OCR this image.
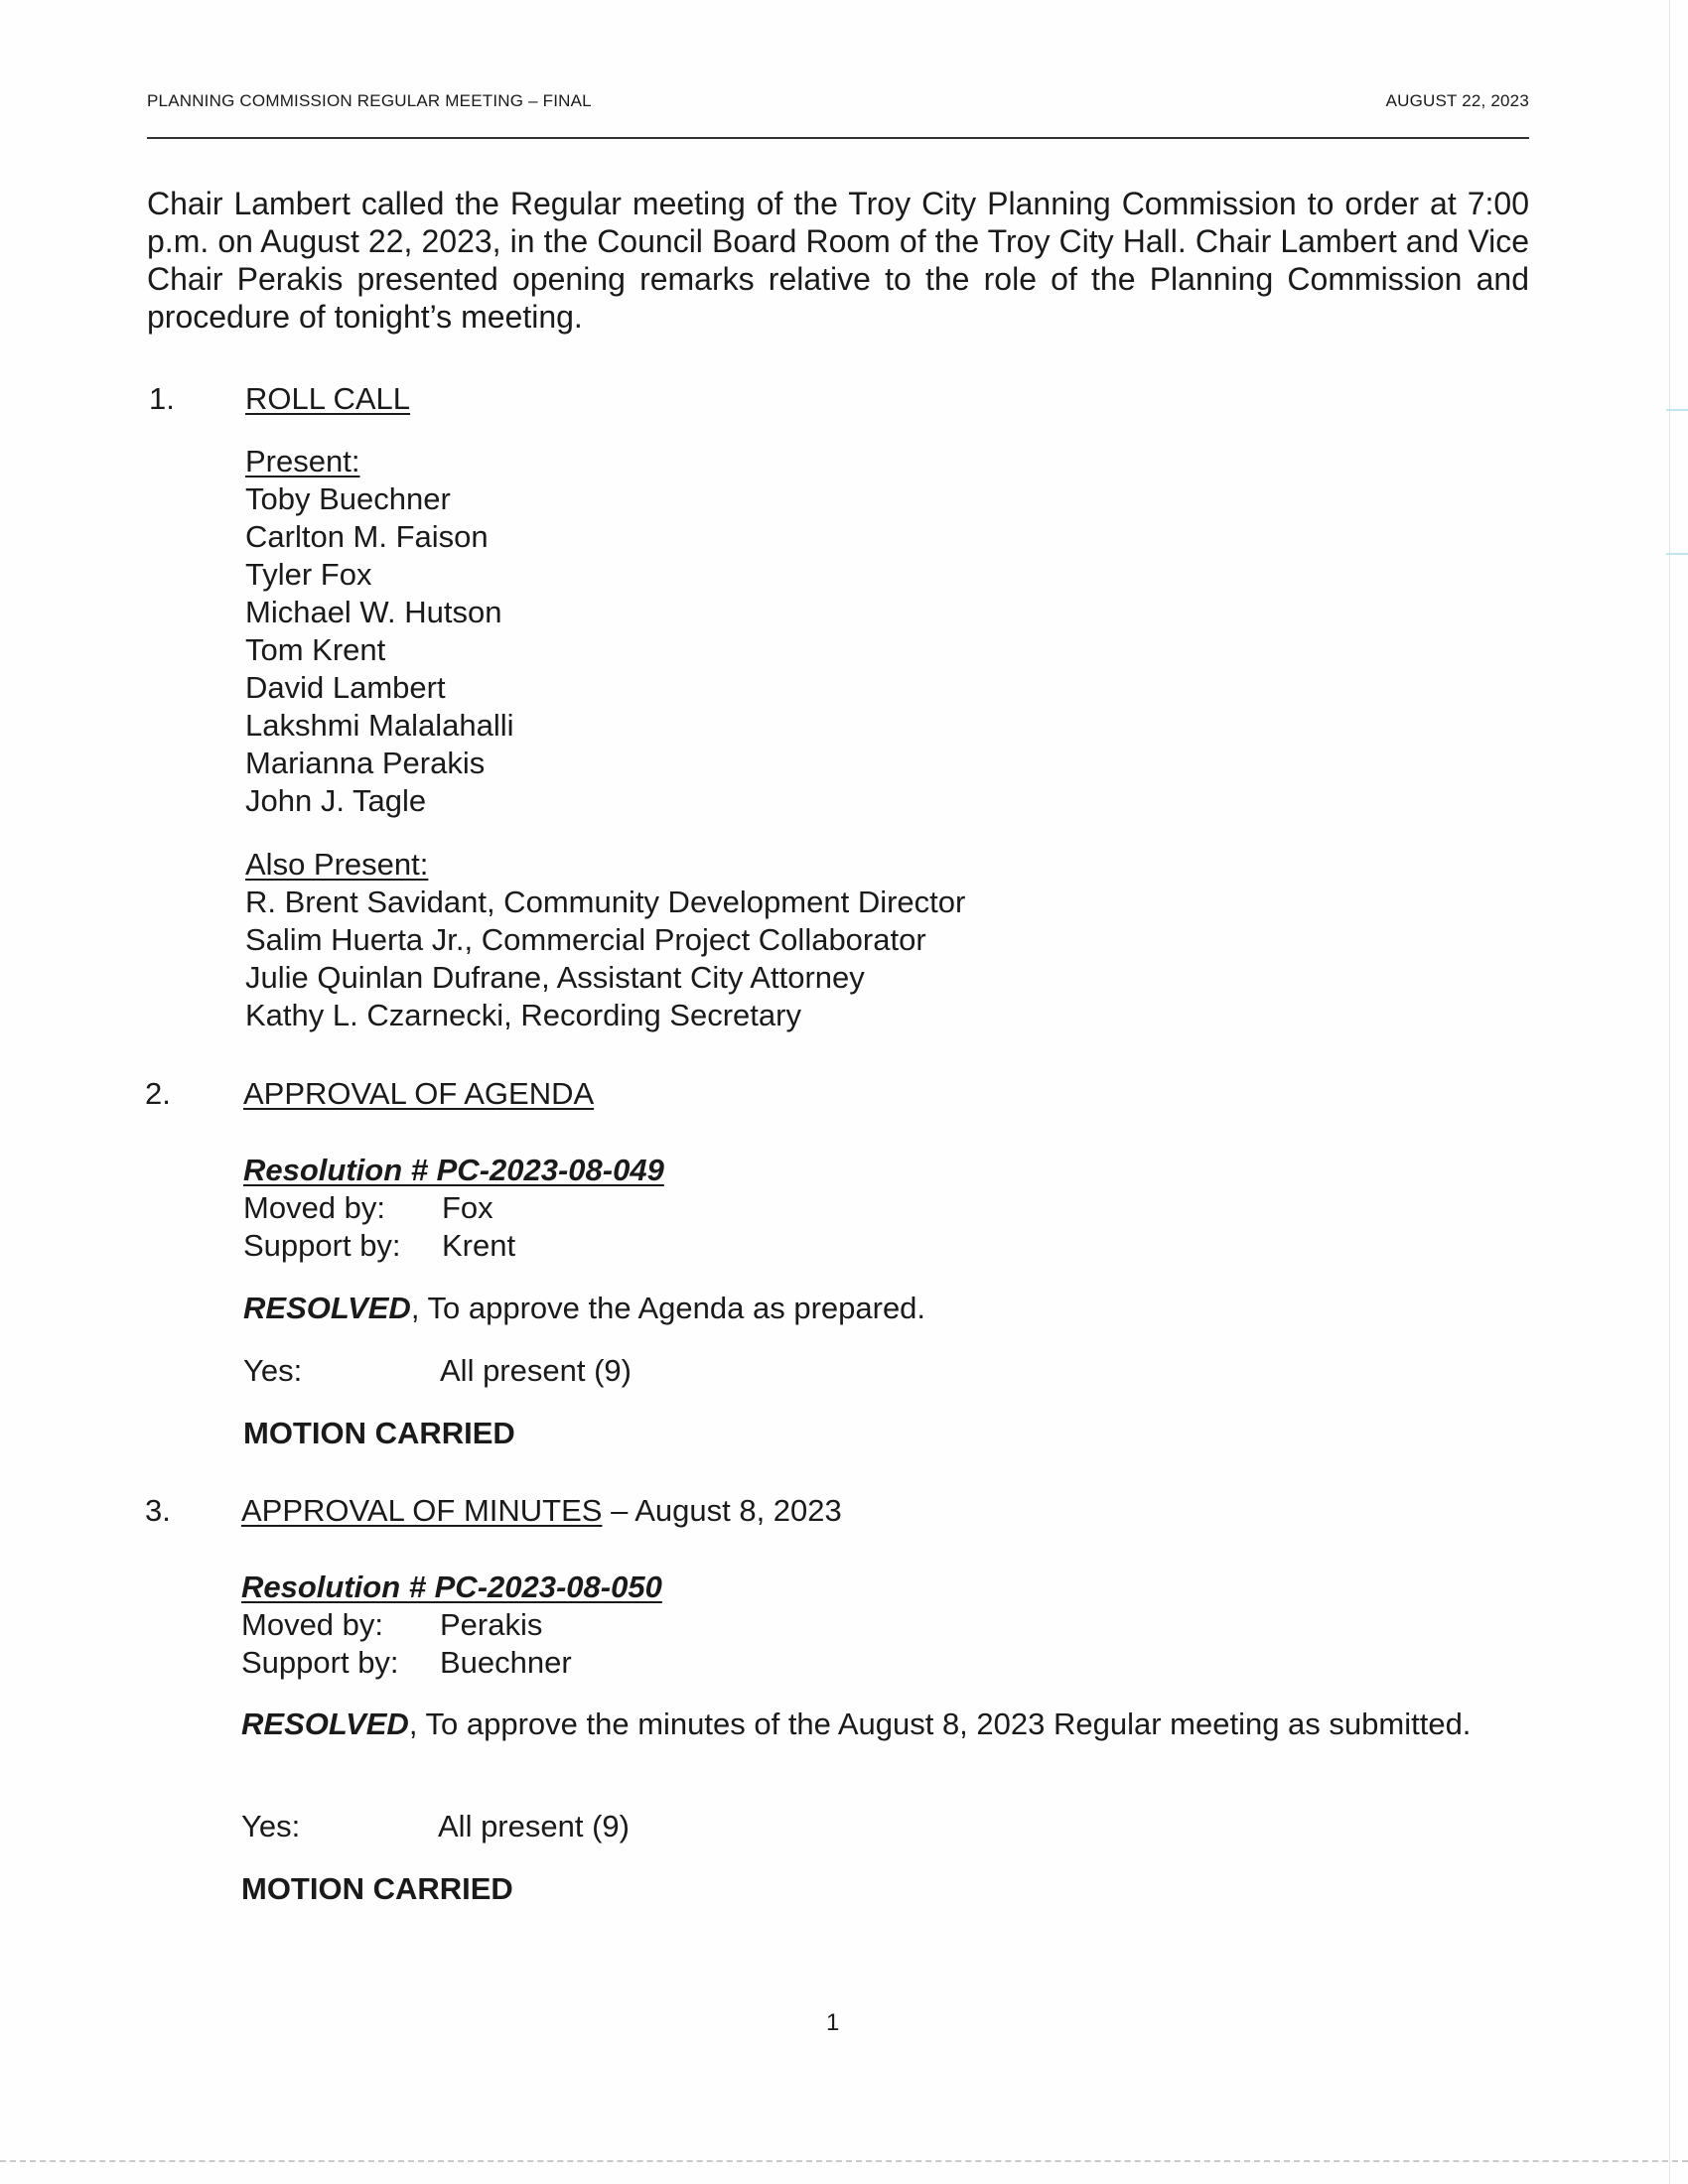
PLANNING COMMISSION REGULAR MEETING – FINAL	AUGUST 22, 2023

Chair Lambert called the Regular meeting of the Troy City Planning Commission to order at 7:00 p.m. on August 22, 2023, in the Council Board Room of the Troy City Hall. Chair Lambert and Vice Chair Perakis presented opening remarks relative to the role of the Planning Commission and procedure of tonight’s meeting.

1. ROLL CALL
Present:
Toby Buechner
Carlton M. Faison
Tyler Fox
Michael W. Hutson
Tom Krent
David Lambert
Lakshmi Malalahalli
Marianna Perakis
John J. Tagle
Also Present:
R. Brent Savidant, Community Development Director
Salim Huerta Jr., Commercial Project Collaborator
Julie Quinlan Dufrane, Assistant City Attorney
Kathy L. Czarnecki, Recording Secretary
2. APPROVAL OF AGENDA
Resolution # PC-2023-08-049
Moved by:	Fox
Support by:	Krent
RESOLVED, To approve the Agenda as prepared.
Yes:	All present (9)
MOTION CARRIED
3. APPROVAL OF MINUTES – August 8, 2023
Resolution # PC-2023-08-050
Moved by:	Perakis
Support by:	Buechner
RESOLVED, To approve the minutes of the August 8, 2023 Regular meeting as submitted.
Yes:	All present (9)
MOTION CARRIED
1
